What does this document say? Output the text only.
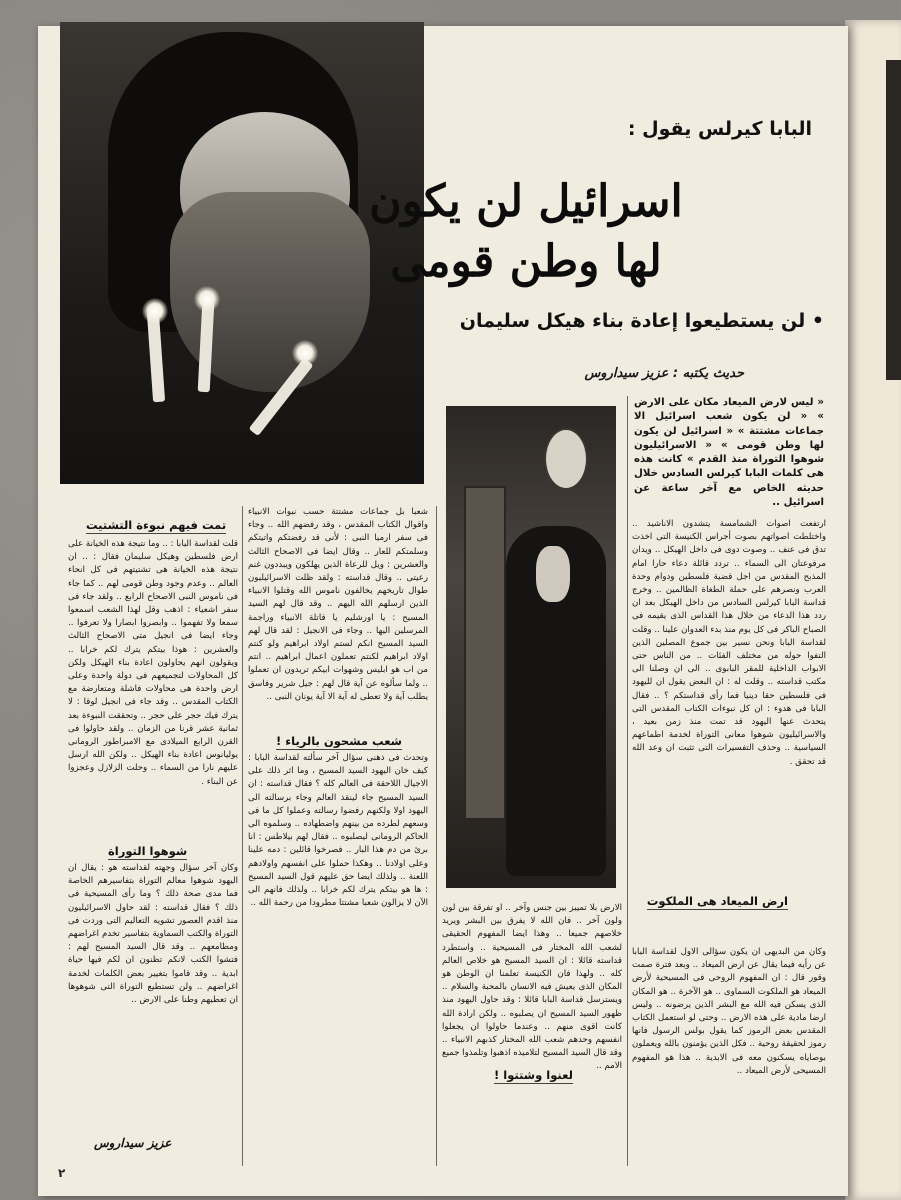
البابا كيرلس يقول :
اسرائيل لن يكون
لها وطن قومى
• لن يستطيعوا إعادة بناء هيكل سليمان
حديث يكتبه : عزيز سيداروس
« ليس لارض الميعاد مكان على الارض » « لن يكون شعب اسرائيل الا جماعات مشتتة » « اسرائيل لن يكون لها وطن قومى » « الاسرائيليون شوهوا التوراة منذ القدم » كانت هذه هى كلمات البابا كيرلس السادس خلال حديثه الخاص مع آخر ساعة عن اسرائيل ..
ارتفعت اصوات الشمامسة يتشدون الاناشيد .. واختلطت اصواتهم بصوت أجراس الكنيسة التى اخذت تدق فى عنف .. وصوت دوى فى داخل الهيكل .. ويدان مرفوعتان الى السماء .. تردد قائلة دعاء حارا امام المذبح المقدس من اجل قضية فلسطين ودوام وحدة العرب ونصرهم على حملة الطغاة الظالمين .. وخرج قداسة البابا كيرلس السادس من داخل الهيكل بعد ان ردد هذا الدعاء من خلال هذا القداس الذى يقيمه فى الصباح الباكر فى كل يوم منذ بدء العدوان علينا .. وقلت لقداسة البابا ونحن نسير بين جموع المصلين الذين التفوا حوله من مختلف الفئات .. من الناس حتى الابواب الداخلية للمقر البابوى .. الى ان وصلنا الى مكتب قداسته .. وقلت له : ان البعض يقول ان لليهود فى فلسطين حقا دينيا فما رأى قداستكم ؟ .. فقال البابا فى هدوء : ان كل نبوءات الكتاب المقدس التى يتحدث عنها اليهود قد تمت منذ زمن بعيد ، والاسرائيليون شوهوا معانى التوراة لخدمة اطماعهم السياسية .. وحذف التفسيرات التى تثبت ان وعد الله قد تحقق .
ارض الميعاد هى الملكوت
وكان من البديهى ان يكون سؤالى الاول لقداسة البابا عن رأيه فيما يقال عن ارض الميعاد .. وبعد فترة صمت وقور قال : ان المفهوم الروحى فى المسيحية لأرض الميعاد هو الملكوت السماوى .. هو الآخرة .. هو المكان الذى يسكن فيه الله مع البشر الذين يرضونه .. وليس ارضا مادية على هذه الارض .. وحتى لو استعمل الكتاب المقدس بعض الرموز كما يقول بولس الرسول فانها رموز لحقيقة روحية .. فكل الذين يؤمنون بالله ويعملون بوصاياه يسكنون معه فى الابدية .. هذا هو المفهوم المسيحى لأرض الميعاد ..
تمت فيهم نبوءة التشتيت
قلت لقداسة البابا : .. وما نتيجة هذه الخيانة على ارض فلسطين وهيكل سليمان فقال : .. ان نتيجة هذه الخيانة هى تشتيتهم فى كل انحاء العالم .. وعدم وجود وطن قومى لهم .. كما جاء فى ناموس النبى الاصحاح الرابع .. ولقد جاء فى سفر اشعياء : اذهب وقل لهذا الشعب اسمعوا سمعا ولا تفهموا .. وابصروا ابصارا ولا تعرفوا .. وجاء ايضا فى انجيل متى الاصحاح الثالث والعشرين : هوذا بيتكم يترك لكم خرابا .. ويقولون انهم يحاولون اعادة بناء الهيكل ولكن كل المحاولات لتجميعهم فى دولة واحدة وعلى ارض واحدة هى محاولات فاشلة ومتعارضة مع الكتاب المقدس .. وقد جاء فى انجيل لوقا : لا يترك فيك حجر على حجر .. وتحققت النبوءة بعد ثمانية عشر قرنا من الزمان .. ولقد حاولوا فى القرن الرابع الميلادى مع الامبراطور الرومانى يوليانوس اعادة بناء الهيكل .. ولكن الله ارسل عليهم نارا من السماء .. وحلت الزلازل وعجزوا عن البناء .
شوهوا التوراة
وكان آخر سؤال وجهته لقداسته هو : يقال ان اليهود شوهوا معالم التوراة بتفاسيرهم الخاصة فما مدى صحة ذلك ؟ وما رأى المسيحية فى ذلك ؟ فقال قداسته : لقد حاول الاسرائيليون منذ اقدم العصور تشويه التعاليم التى وردت فى التوراة والكتب السماوية بتفاسير تخدم اغراضهم ومطامعهم .. وقد قال السيد المسيح لهم : فتشوا الكتب لانكم تظنون ان لكم فيها حياة ابدية .. وقد قاموا بتغيير بعض الكلمات لخدمة اغراضهم .. ولن تستطيع التوراة التى شوهوها ان تعطيهم وطنا على الارض ..
عزيز سيداروس
شعبا بل جماعات مشتتة حسب نبوات الانبياء واقوال الكتاب المقدس ، وقد رفضهم الله .. وجاء فى سفر ارميا النبى : لأنى قد رفضتكم واتيتكم وسلمتكم للعار .. وقال ايضا فى الاصحاح الثالث والعشرين : ويل للرعاة الذين يهلكون ويبددون غنم رعيتى .. وقال قداسته : ولقد ظلت الاسرائيليون طوال تاريخهم يخالفون ناموس الله وقتلوا الانبياء الذين ارسلهم الله اليهم .. وقد قال لهم السيد المسيح : يا اورشليم يا قاتلة الانبياء وراجمة المرسلين اليها .. وجاء فى الانجيل : لقد قال لهم السيد المسيح انكم لستم اولاد ابراهيم ولو كنتم اولاد ابراهيم لكنتم تعملون اعمال ابراهيم .. انتم من اب هو ابليس وشهوات ابيكم تريدون ان تعملوا .. ولما سألوه عن آية قال لهم : جيل شرير وفاسق يطلب آية ولا تعطى له آية الا آية يونان النبى ..
شعب مشحون بالرياء !
وتحدث فى ذهنى سؤال آخر سألته لقداسة البابا : كيف خان اليهود السيد المسيح ، وما اثر ذلك على الاجيال اللاحقة فى العالم كله ؟ فقال قداسته : ان السيد المسيح جاء لينقذ العالم وجاء برسالته الى اليهود اولا ولكنهم رفضوا رسالته وعملوا كل ما فى وسعهم لطرده من بينهم واضطهاده .. وسلموه الى الحاكم الرومانى ليصلبوه .. فقال لهم بيلاطس : انا برئ من دم هذا البار .. فصرخوا قائلين : دمه علينا وعلى اولادنا .. وهكذا حملوا على انفسهم واولادهم اللعنة .. ولذلك ايضا حق عليهم قول السيد المسيح : ها هو بيتكم يترك لكم خرابا .. ولذلك فانهم الى الآن لا يزالون شعبا مشتتا مطرودا من رحمة الله .. الارض بلا تمييز بين جنس وآخر .. او تفرقة بين لون ولون آخر .. فان الله لا يفرق بين البشر ويريد خلاصهم جميعا .. وهذا ايضا المفهوم الحقيقى لشعب الله المختار فى المسيحية .. واستطرد قداسته قائلا : ان السيد المسيح هو خلاص العالم كله .. ولهذا فان الكنيسة تعلمنا ان الوطن هو المكان الذى يعيش فيه الانسان بالمحبة والسلام .. ويسترسل قداسة البابا قائلا : وقد حاول اليهود منذ ظهور السيد المسيح ان يصلبوه .. ولكن ارادة الله كانت اقوى منهم .. وعندما حاولوا ان يجعلوا انفسهم وحدهم شعب الله المختار كذبهم الانبياء .. وقد قال السيد المسيح لتلاميذه اذهبوا وتلمذوا جميع الامم ..
لعنوا وشتتوا !
٢
